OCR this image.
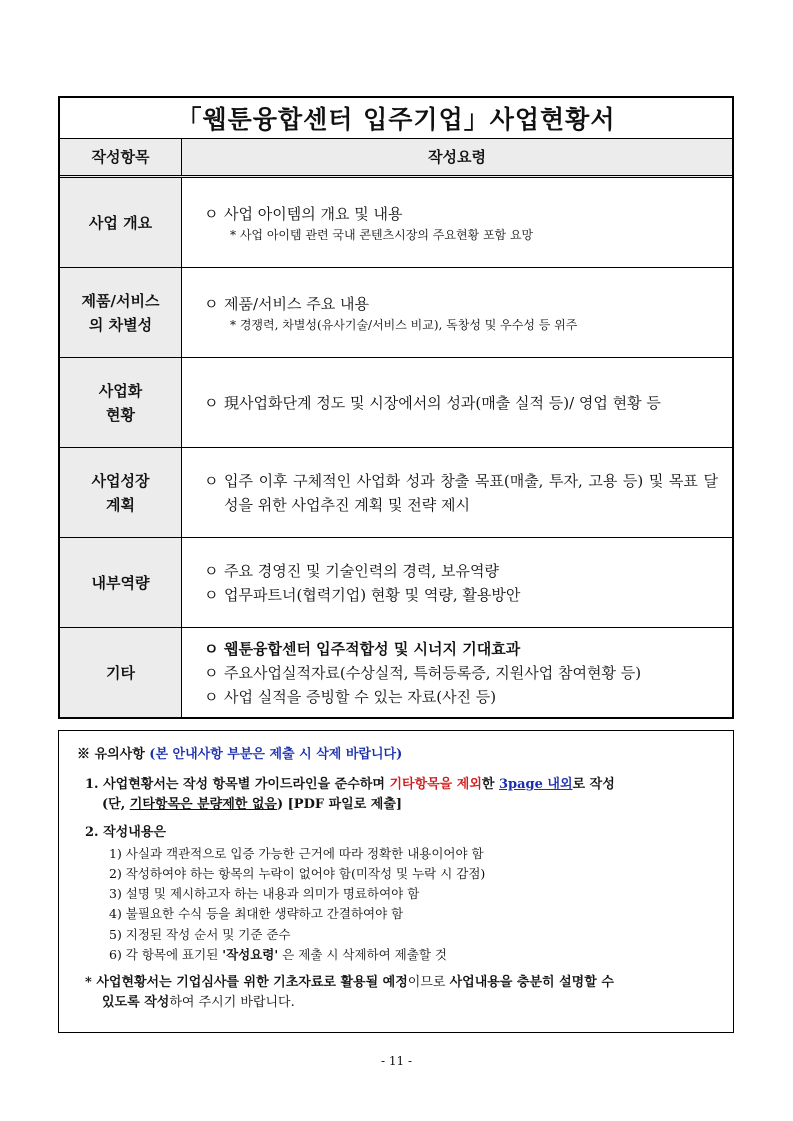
「웹툰융합센터 입주기업」사업현황서
작성항목	작성요령
사업 개요	ㅇ 사업 아이템의 개요 및 내용
* 사업 아이템 관련 국내 콘텐츠시장의 주요현황 포함 요망
제품/서비스
의 차별성
ㅇ 제품/서비스 주요 내용
* 경쟁력, 차별성(유사기술/서비스 비교), 독창성 및 우수성 등 위주
사업화
현황
ㅇ 現사업화단계 정도 및 시장에서의 성과(매출 실적 등)/ 영업 현황 등
사업성장
계획
ㅇ 입주 이후 구체적인 사업화 성과 창출 목표(매출, 투자, 고용 등) 및 목표 달성을 위한 사업추진 계획 및 전략 제시
내부역량
ㅇ 주요 경영진 및 기술인력의 경력, 보유역량
ㅇ 업무파트너(협력기업) 현황 및 역량, 활용방안
기타
ㅇ 웹툰융합센터 입주적합성 및 시너지 기대효과
ㅇ 주요사업실적자료(수상실적, 특허등록증, 지원사업 참여현황 등)
ㅇ 사업 실적을 증빙할 수 있는 자료(사진 등)
※ 유의사항 (본 안내사항 부분은 제출 시 삭제 바랍니다)
1. 사업현황서는 작성 항목별 가이드라인을 준수하며 기타항목을 제외한 3page 내외로 작성
(단, 기타항목은 분량제한 없음) [PDF 파일로 제출]
2. 작성내용은
1) 사실과 객관적으로 입증 가능한 근거에 따라 정확한 내용이어야 함
2) 작성하여야 하는 항목의 누락이 없어야 함(미작성 및 누락 시 감점)
3) 설명 및 제시하고자 하는 내용과 의미가 명료하여야 함
4) 불필요한 수식 등을 최대한 생략하고 간결하여야 함
5) 지정된 작성 순서 및 기준 준수
6) 각 항목에 표기된 '작성요령' 은 제출 시 삭제하여 제출할 것
* 사업현황서는 기업심사를 위한 기초자료로 활용될 예정이므로 사업내용을 충분히 설명할 수
있도록 작성하여 주시기 바랍니다.
- 11 -
